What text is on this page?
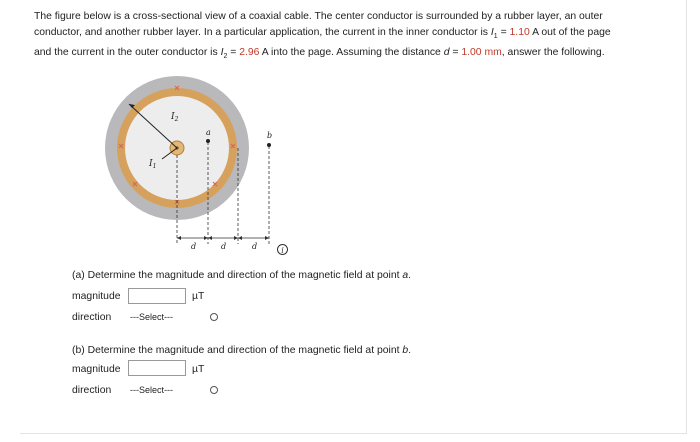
The figure below is a cross-sectional view of a coaxial cable. The center conductor is surrounded by a rubber layer, an outer
conductor, and another rubber layer. In a particular application, the current in the inner conductor is $I_1 = 1.10$ A out of the page
and the current in the outer conductor is $I_2 = 2.96$ A into the page. Assuming the distance d = 1.00 mm, answer the following.
$I_2$
$I_1$
a	b
d	d	d	i
(a) Determine the magnitude and direction of the magnetic field at point a.
magnitude	µT
direction ---Select---
(b) Determine the magnitude and direction of the magnetic field at point b.
magnitude	µT
direction ---Select---
